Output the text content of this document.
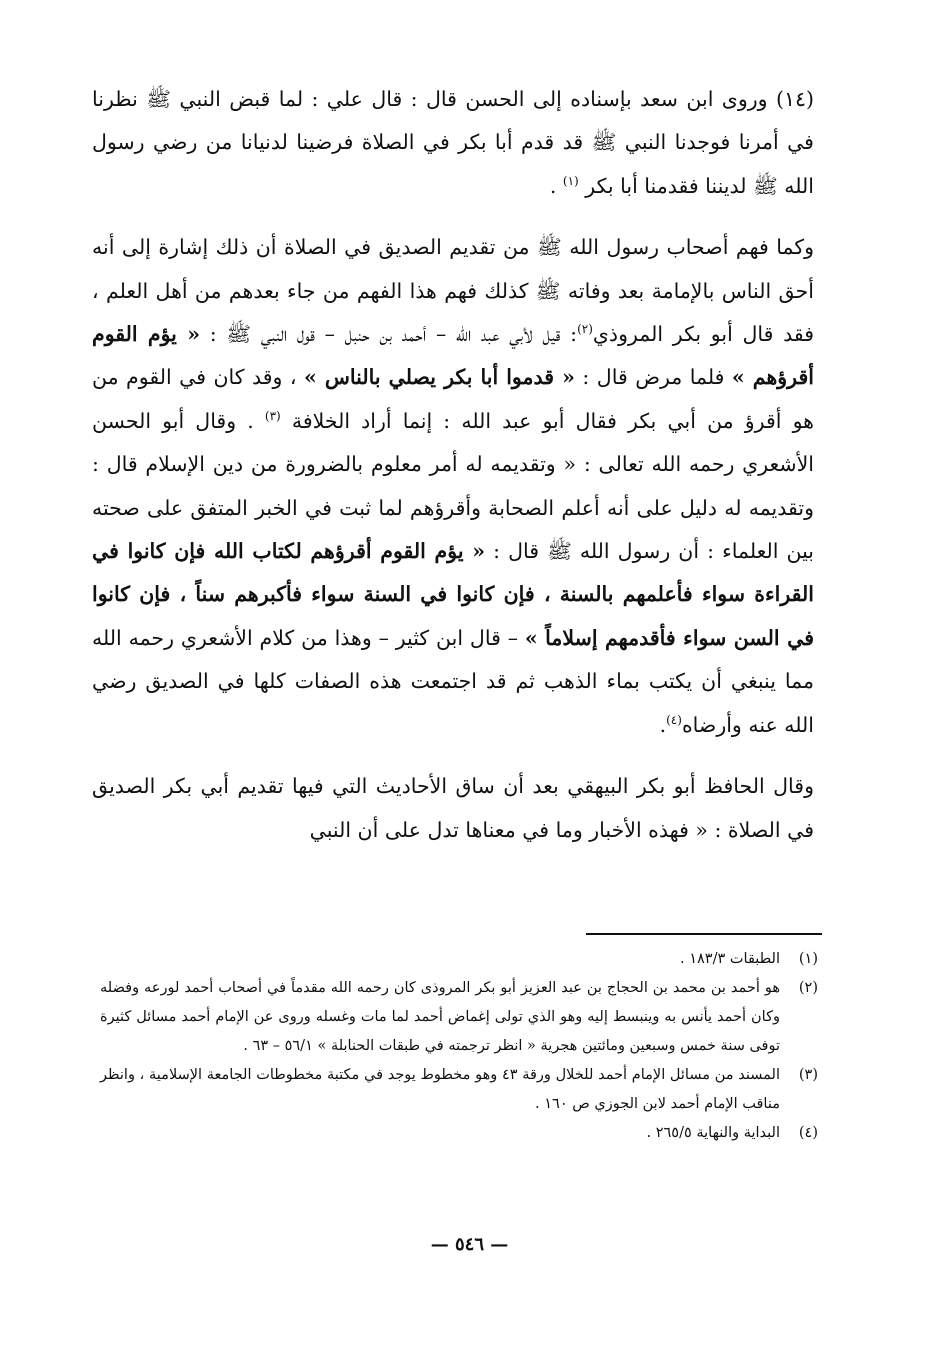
(١٤) وروى ابن سعد بإسناده إلى الحسن قال : قال علي : لما قبض النبي ﷺ نظرنا في أمرنا فوجدنا النبي ﷺ قد قدم أبا بكر في الصلاة فرضينا لدنيانا من رضي رسول الله ﷺ لديننا فقدمنا أبا بكر $^{(١)}$ .

وكما فهم أصحاب رسول الله ﷺ من تقديم الصديق في الصلاة أن ذلك إشارة إلى أنه أحق الناس بالإمامة بعد وفاته ﷺ كذلك فهم هذا الفهم من جاء بعدهم من أهل العلم ، فقد قال أبو بكر المروذي$^{(٢)}$: قيل لأبي عبد الله – أحمد بن حنبل – قول النبي ﷺ : « يؤم القوم أقرؤهم » فلما مرض قال : « قدموا أبا بكر يصلي بالناس » ، وقد كان في القوم من هو أقرؤ من أبي بكر فقال أبو عبد الله : إنما أراد الخلافة $^{(٣)}$ . وقال أبو الحسن الأشعري رحمه الله تعالى : « وتقديمه له أمر معلوم بالضرورة من دين الإسلام قال : وتقديمه له دليل على أنه أعلم الصحابة وأقرؤهم لما ثبت في الخبر المتفق على صحته بين العلماء : أن رسول الله ﷺ قال : « يؤم القوم أقرؤهم لكتاب الله فإن كانوا في القراءة سواء فأعلمهم بالسنة ، فإن كانوا في السنة سواء فأكبرهم سناً ، فإن كانوا في السن سواء فأقدمهم إسلاماً » – قال ابن كثير – وهذا من كلام الأشعري رحمه الله مما ينبغي أن يكتب بماء الذهب ثم قد اجتمعت هذه الصفات كلها في الصديق رضي الله عنه وأرضاه$^{(٤)}$.

وقال الحافظ أبو بكر البيهقي بعد أن ساق الأحاديث التي فيها تقديم أبي بكر الصديق في الصلاة : « فهذه الأخبار وما في معناها تدل على أن النبي

(١)
الطبقات ١٨٣/٣ .
(٢)
هو أحمد بن محمد بن الحجاج بن عبد العزيز أبو بكر المروذى كان رحمه الله مقدماً في أصحاب أحمد لورعه وفضله وكان أحمد يأنس به وينبسط إليه وهو الذي تولى إغماض أحمد لما مات وغسله وروى عن الإمام أحمد مسائل كثيرة توفى سنة خمس وسبعين ومائتين هجرية « انظر ترجمته في طبقات الحنابلة » ٥٦/١ – ٦٣ .
(٣)
المسند من مسائل الإمام أحمد للخلال ورقة ٤٣ وهو مخطوط يوجد في مكتبة مخطوطات الجامعة الإسلامية ، وانظر مناقب الإمام أحمد لابن الجوزي ص ١٦٠ .
(٤)
البداية والنهاية ٢٦٥/٥ .
— ٥٤٦ —
